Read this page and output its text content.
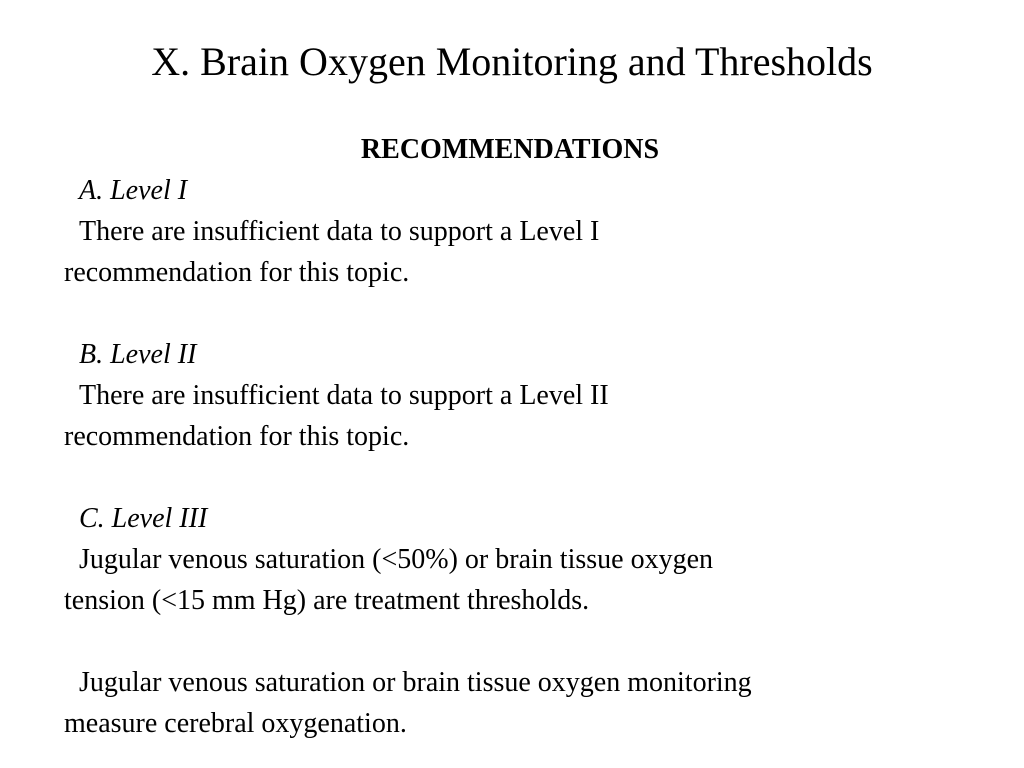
X. Brain Oxygen Monitoring and Thresholds
RECOMMENDATIONS
A. Level I
There are insufficient data to support a Level I
recommendation for this topic.
B. Level II
There are insufficient data to support a Level II
recommendation for this topic.
C. Level III
Jugular venous saturation (<50%) or brain tissue oxygen
tension (<15 mm Hg) are treatment thresholds.
Jugular venous saturation or brain tissue oxygen monitoring
measure cerebral oxygenation.
